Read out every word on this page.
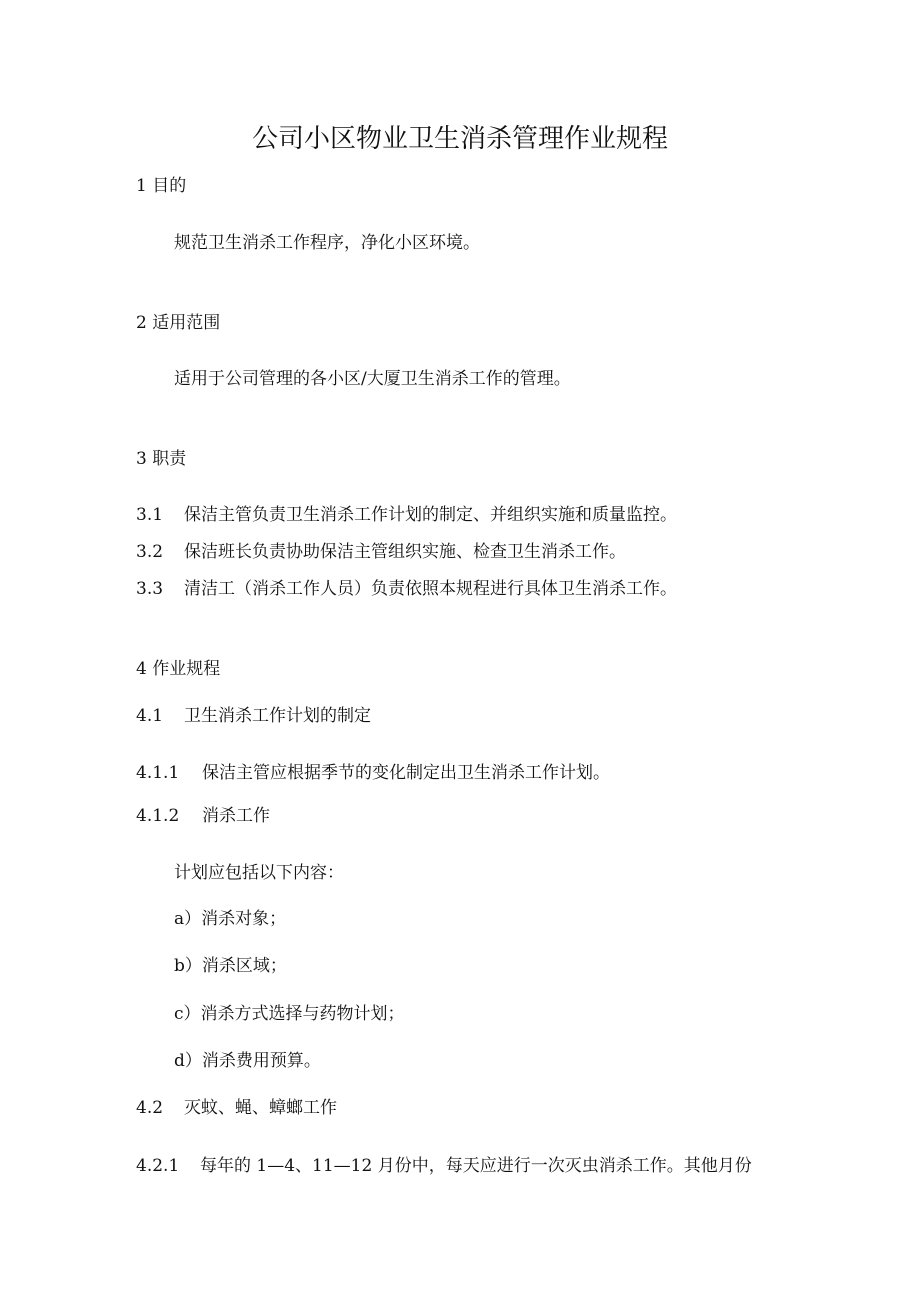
公司小区物业卫生消杀管理作业规程
1 目的
规范卫生消杀工作程序，净化小区环境。
2 适用范围
适用于公司管理的各小区/大厦卫生消杀工作的管理。
3 职责
3.1 保洁主管负责卫生消杀工作计划的制定、并组织实施和质量监控。
3.2 保洁班长负责协助保洁主管组织实施、检查卫生消杀工作。
3.3 清洁工（消杀工作人员）负责依照本规程进行具体卫生消杀工作。
4 作业规程
4.1 卫生消杀工作计划的制定
4.1.1 保洁主管应根据季节的变化制定出卫生消杀工作计划。
4.1.2 消杀工作
计划应包括以下内容：
a）消杀对象；
b）消杀区域；
c）消杀方式选择与药物计划；
d）消杀费用预算。
4.2 灭蚊、蝇、蟑螂工作
4.2.1 每年的 1—4、11—12 月份中，每天应进行一次灭虫消杀工作。其他月份
